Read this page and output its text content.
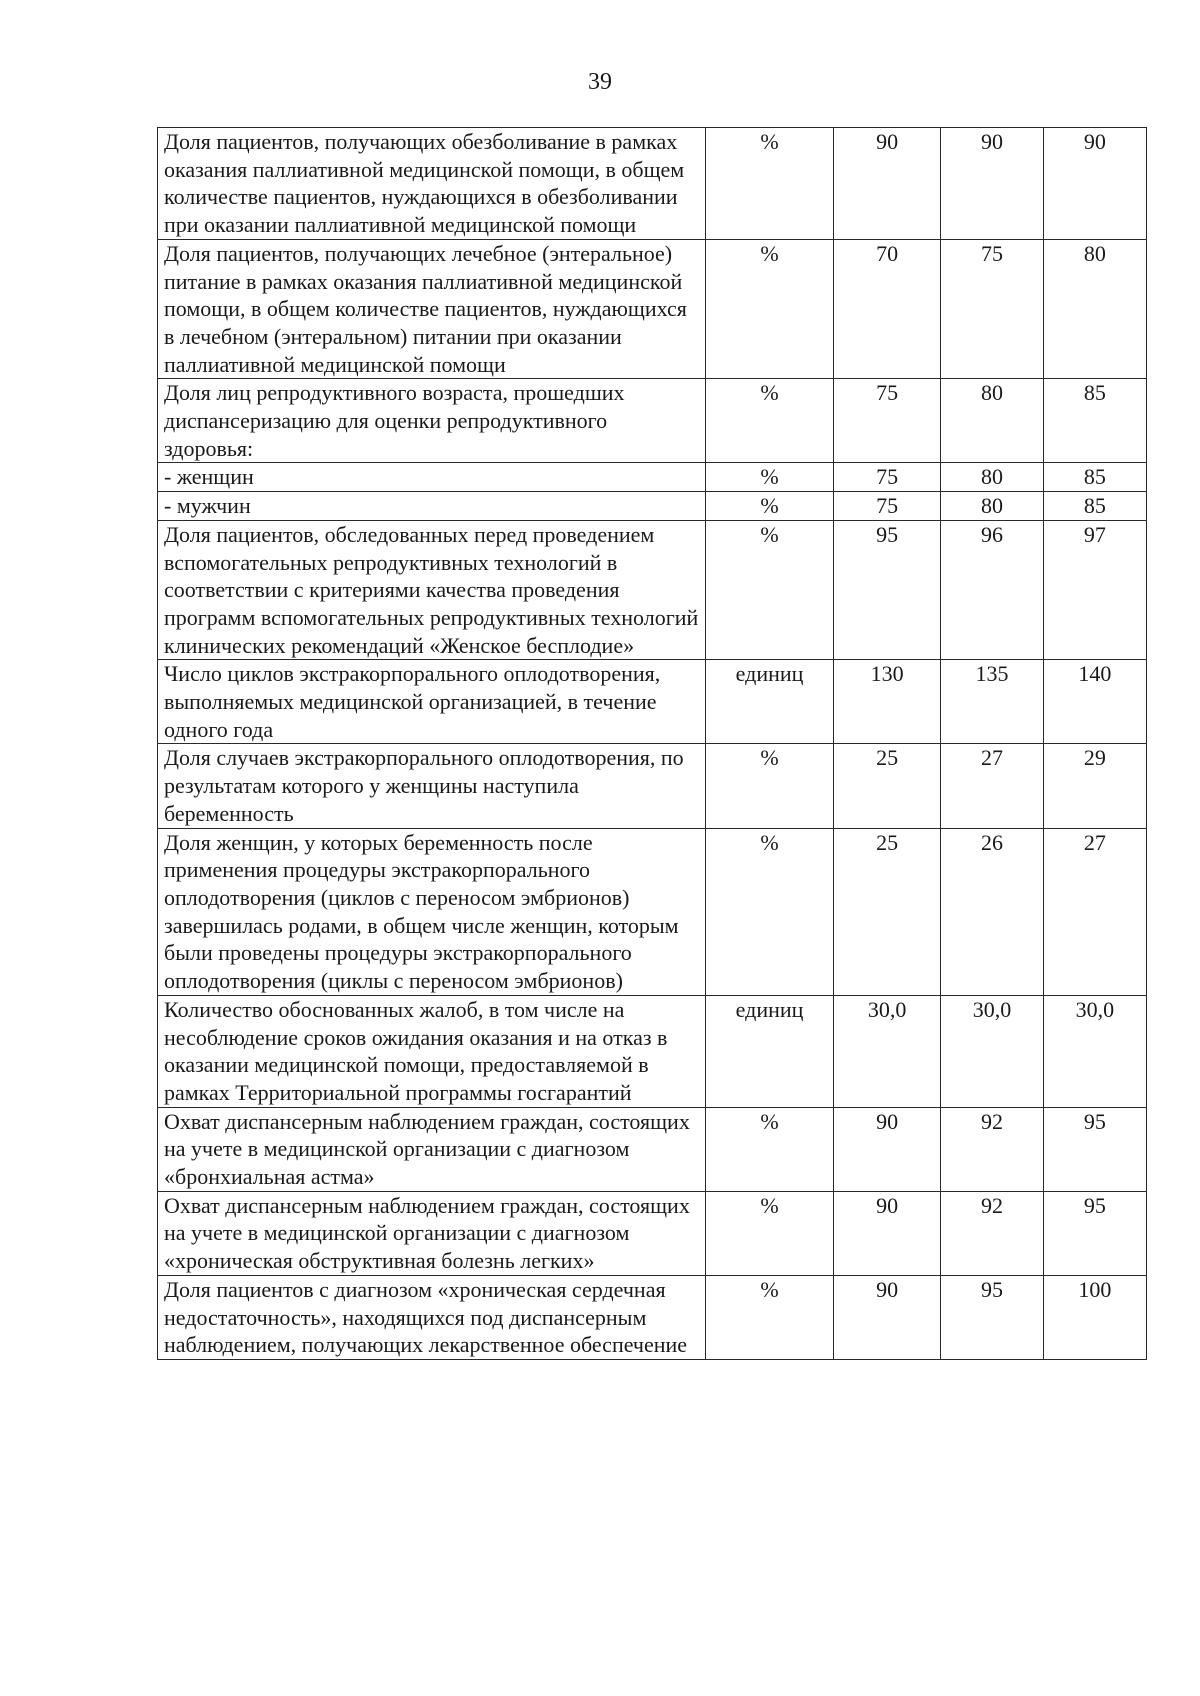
39
Доля пациентов, получающих обезболивание в рамках оказания паллиативной медицинской помощи, в общем количестве пациентов, нуждающихся в обезболивании при оказании паллиативной медицинской помощи	%	90	90	90
Доля пациентов, получающих лечебное (энтеральное) питание в рамках оказания паллиативной медицинской помощи, в общем количестве пациентов, нуждающихся в лечебном (энтеральном) питании при оказании паллиативной медицинской помощи	%	70	75	80
Доля лиц репродуктивного возраста, прошедших диспансеризацию для оценки репродуктивного здоровья:	%	75	80	85
- женщин	%	75	80	85
- мужчин	%	75	80	85
Доля пациентов, обследованных перед проведением вспомогательных репродуктивных технологий в соответствии с критериями качества проведения программ вспомогательных репродуктивных технологий клинических рекомендаций «Женское бесплодие»	%	95	96	97
Число циклов экстракорпорального оплодотворения, выполняемых медицинской организацией, в течение одного года	единиц	130	135	140
Доля случаев экстракорпорального оплодотворения, по результатам которого у женщины наступила беременность	%	25	27	29
Доля женщин, у которых беременность после применения процедуры экстракорпорального оплодотворения (циклов с переносом эмбрионов) завершилась родами, в общем числе женщин, которым были проведены процедуры экстракорпорального оплодотворения (циклы с переносом эмбрионов)	%	25	26	27
Количество обоснованных жалоб, в том числе на несоблюдение сроков ожидания оказания и на отказ в оказании медицинской помощи, предоставляемой в рамках Территориальной программы госгарантий	единиц	30,0	30,0	30,0
Охват диспансерным наблюдением граждан, состоящих на учете в медицинской организации с диагнозом «бронхиальная астма»	%	90	92	95
Охват диспансерным наблюдением граждан, состоящих на учете в медицинской организации с диагнозом «хроническая обструктивная болезнь легких»	%	90	92	95
Доля пациентов с диагнозом «хроническая сердечная недостаточность», находящихся под диспансерным наблюдением, получающих лекарственное обеспечение	%	90	95	100
